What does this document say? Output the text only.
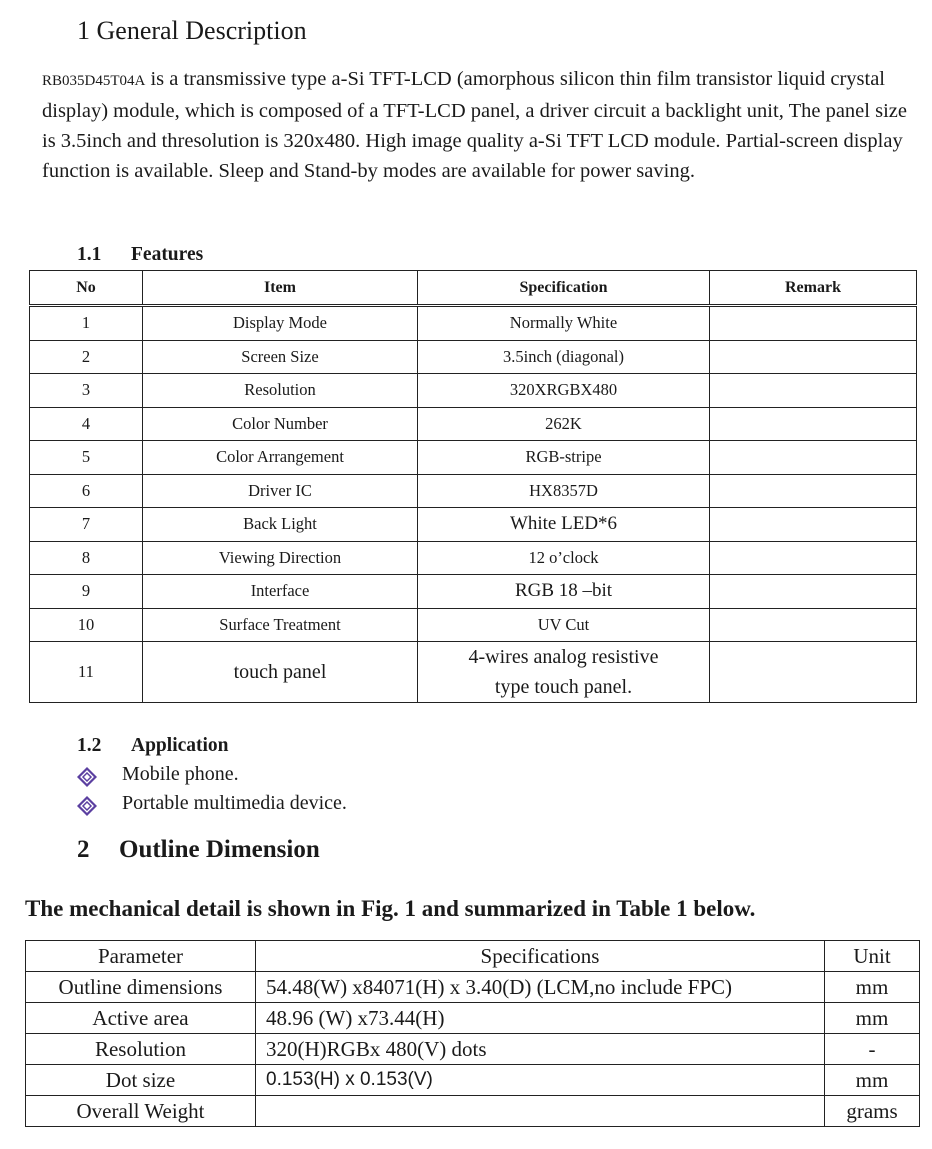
1 General Description
RB035D45T04A is a transmissive type a-Si TFT-LCD (amorphous silicon thin film transistor liquid crystal display) module, which is composed of a TFT-LCD panel, a driver circuit a backlight unit, The panel size is 3.5inch and thresolution is 320x480. High image quality a-Si TFT LCD module. Partial-screen display function is available. Sleep and Stand-by modes are available for power saving.
1.1 Features
No	Item	Specification	Remark
1	Display Mode	Normally White	
2	Screen Size	3.5inch (diagonal)	
3	Resolution	320XRGBX480	
4	Color Number	262K	
5	Color Arrangement	RGB-stripe	
6	Driver IC	HX8357D	
7	Back Light	White LED*6	
8	Viewing Direction	12 o’clock	
9	Interface	RGB 18 –bit	
10	Surface Treatment	UV Cut	
11	touch panel	4-wires analog resistive
type touch panel.	

1.2 Application
Mobile phone.
Portable multimedia device.
2 Outline Dimension
The mechanical detail is shown in Fig. 1 and summarized in Table 1 below.
Parameter	Specifications	Unit
Outline dimensions	54.48(W) x84071(H) x 3.40(D) (LCM,no include FPC)	mm
Active area	48.96 (W) x73.44(H)	mm
Resolution	320(H)RGBx 480(V) dots	-
Dot size	0.153(H) x 0.153(V)	mm
Overall Weight		grams
